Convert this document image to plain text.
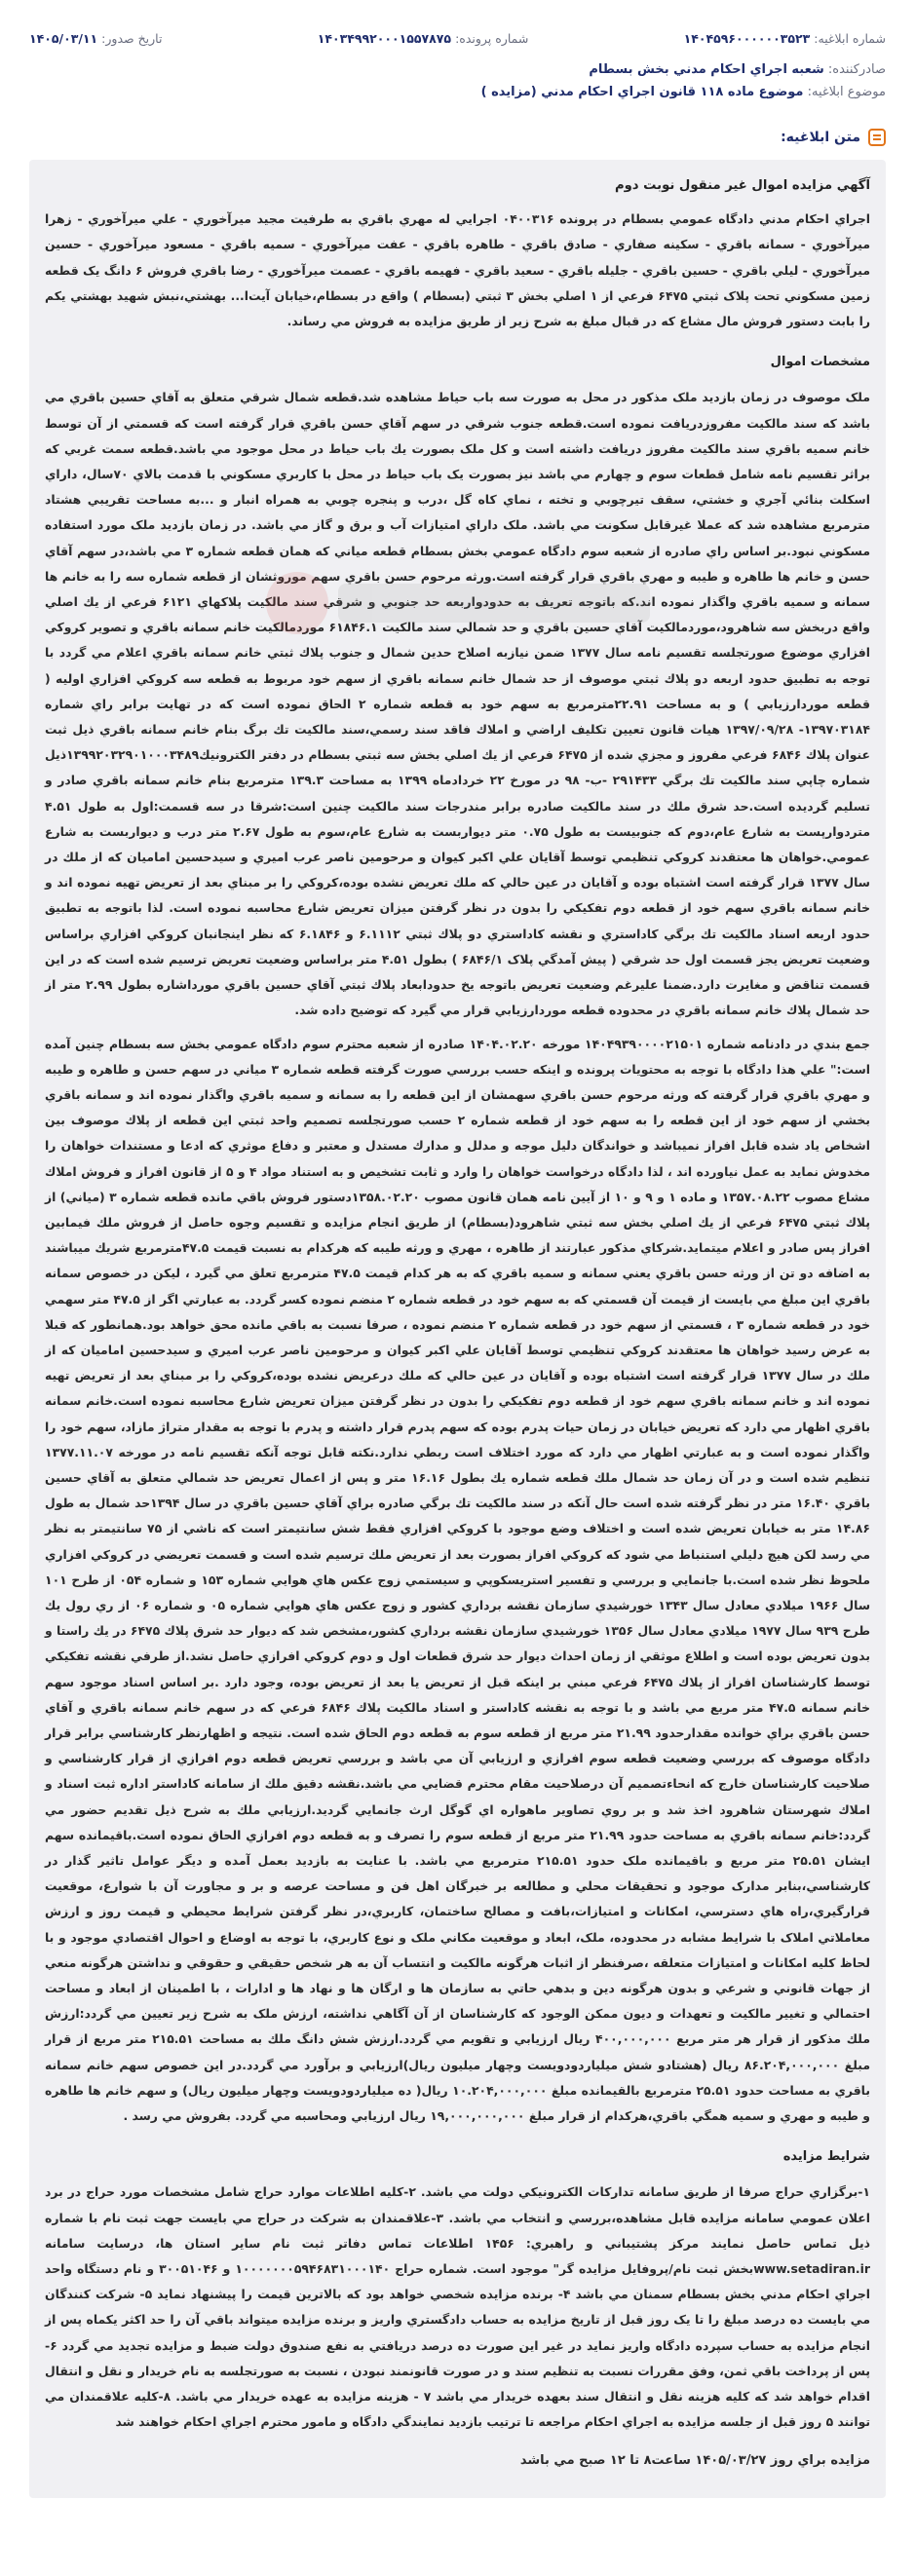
شماره ابلاغيه: ۱۴۰۴۵۹۶۰۰۰۰۰۰۳۵۲۳
شماره پرونده: ۱۴۰۳۴۹۹۲۰۰۰۱۵۵۷۸۷۵
تاريخ صدور: ۱۴۰۵/۰۳/۱۱
صادرکننده: شعبه اجراي احكام مدني بخش بسطام
موضوع ابلاغيه: موضوع ماده ۱۱۸ قانون اجراي احكام مدني (مزايده )
متن ابلاغيه:
آگهي مزايده اموال غير منقول نوبت دوم

اجراي احكام مدني دادگاه عمومي بسطام در پرونده ۰۴۰۰۳۱۶ اجرايي له مهري باقري به طرفيت مجيد ميرآخوري - علي ميرآخوري - زهرا ميرآخوري - سمانه باقري - سكينه صفاري - صادق باقري - طاهره باقري - عفت ميرآخوري - سميه باقري - مسعود ميرآخوري - حسين ميرآخوري - ليلي باقري - حسين باقري - جليله باقري - سعيد باقري - فهيمه باقري - عصمت ميرآخوري - رضا باقري فروش ۶ دانگ يک قطعه زمين مسكوني تحت پلاک ثبتي ۶۴۷۵ فرعي از ۱ اصلي بخش ۳ ثبتي (بسطام ) واقع در بسطام،خيابان آيت‌ا... بهشتي،نبش شهيد بهشتي يكم را بابت دستور فروش مال مشاع كه در قبال مبلغ به شرح زير از طريق مزايده به فروش مي رساند.

مشخصات اموال

ملک موصوف در زمان بازديد ملک مذکور در محل به صورت سه باب حياط مشاهده شد.قطعه شمال شرقي متعلق به آقاي حسين باقري مي باشد که سند مالکيت مفروزدريافت نموده است.قطعه جنوب شرقي در سهم آقاي حسن باقري قرار گرفته است كه قسمتي از آن توسط خانم سميه باقري سند مالكيت مفروز دريافت داشته است و كل ملک بصورت يك باب حياط در محل موجود مي باشد.قطعه سمت غربي كه براثر تقسيم نامه شامل قطعات سوم و چهارم مي باشد نيز بصورت يک باب حياط در محل با کاربري مسکوني با قدمت بالاي ۷۰سال، داراي اسکلت بنائي آجري و خشتي، سقف تيرچوبي و تخته ، نماي کاه گل ،درب و پنجره چوبي به همراه انبار و ...به مساحت تقريبي هشتاد مترمربع مشاهده شد که عملا غيرقابل سکونت مي باشد. ملک داراي امتيازات آب و برق و گاز مي باشد. در زمان بازديد ملک مورد استفاده مسکوني نبود.بر اساس راي صادره از شعبه سوم دادگاه عمومي بخش بسطام قطعه مياني كه همان قطعه شماره ۳ مي باشد،در سهم آقاي حسن و خانم ها طاهره و طيبه و مهري باقري قرار گرفته است.ورثه مرحوم حسن باقري سهم موروثشان از قطعه شماره سه را به خانم ها سمانه و سميه باقري واگذار نموده اند.كه باتوجه تعريف به حدودواربعه حد جنوبي و شرقي سند مالكيت پلاکهاي ۶۱۲۱ فرعي از يك اصلي واقع دربخش سه شاهرود،موردمالكيت آقاي حسين باقري و حد شمالي سند مالكيت ۶۱۸۴۶.۱ موردمالكيت خانم سمانه باقري و تصوير كروکي افزاري موضوع صورتجلسه تقسيم نامه سال ۱۳۷۷ ضمن نيازبه اصلاح حدين شمال و جنوب پلاك ثبتي خانم سمانه باقري اعلام مي گردد با توجه به تطبيق حدود اربعه دو پلاك ثبتي موصوف از حد شمال خانم سمانه باقري از سهم خود مربوط به قطعه سه كروكي افزاري اوليه ( قطعه موردارزيابي ) و به مساحت ۲۲.۹۱مترمربع به سهم خود به قطعه شماره ۲ الحاق نموده است كه در تهايت برابر راي شماره ۱۳۹۷۰۳۱۸۴- ۱۳۹۷/۰۹/۲۸ هيات قانون تعيين تكليف اراضي و املاك فاقد سند رسمي،سند مالكيت تك برگ بنام خانم سمانه باقري ذيل ثبت عنوان پلاك ۶۸۴۶ فرعي مفروز و مجزي شده از ۶۴۷۵ فرعي از يك اصلي بخش سه ثبتي بسطام در دفتر الكترونيك۱۳۹۹۲۰۳۲۹۰۱۰۰۰۳۴۸۹ذيل شماره چاپي سند مالكيت تك برگي ۲۹۱۴۳۳ -ب- ۹۸ در مورخ ۲۲ خردادماه ۱۳۹۹ به مساحت ۱۳۹.۳ مترمربع بنام خانم سمانه باقري صادر و تسليم گرديده است.حد شرق ملك در سند مالكيت صادره برابر مندرجات سند مالكيت چنين است:شرقا در سه قسمت:اول به طول ۴.۵۱ متردوارپست به شارع عام،دوم كه جنوبيست به طول ۰.۷۵ متر ديواربست به شارع عام،سوم به طول ۲.۶۷ متر درب و ديواربست به شارع عمومي.خواهان ها معتقدند كروكي تنظيمي توسط آقايان علي اكبر كيوان و مرحومين ناصر عرب اميري و سيدحسين اماميان كه از ملك در سال ۱۳۷۷ قرار گرفته است اشتباه بوده و آقايان در عين حالي كه ملك تعريض نشده بوده،كروكي را بر مبناي بعد از تعريض تهيه نموده اند و خانم سمانه باقري سهم خود از قطعه دوم تفكيكي را بدون در نظر گرفتن ميزان تعريض شارع محاسبه نموده است. لذا باتوجه به تطبيق حدود اربعه اسناد مالكيت تك برگي كاداستري و نقشه كاداستري دو پلاك ثبتي ۶.۱۱۱۲ و ۶.۱۸۴۶ كه نظر اينجانبان كروكي افزاري براساس وضعيت تعريض يجز قسمت اول حد شرقي ( پيش آمدگي پلاک ۶۸۴۶/۱ ) بطول ۴.۵۱ متر براساس وضعيت تعريض ترسيم شده است كه در اين قسمت تناقض و مغايرت دارد.ضمنا عليرغم وضعيت تعريض باتوجه يخ حدودابعاد پلاك ثبتي آقاي حسين باقري مورداشاره بطول ۲.۹۹ متر از حد شمال پلاك خانم سمانه باقري در محدوده قطعه موردارزيابي قرار مي گيرد که توضيح داده شد.

جمع بندي در دادنامه شماره ۱۴۰۴۹۳۹۰۰۰۰۲۱۵۰۱ مورخه ۱۴۰۴.۰۲.۲۰ صادره از شعبه محترم سوم دادگاه عمومي بخش سه بسطام چنين آمده است:" علي هذا دادگاه با توجه به محتويات پرونده و اينكه حسب بررسي صورت گرفته قطعه شماره ۳ مياني در سهم حسن و طاهره و طيبه و مهري باقري قرار گرفته كه ورثه مرحوم حسن باقري سهمشان از اين قطعه را به سمانه و سميه باقري واگذار نموده اند و سمانه باقري بخشي از سهم خود از اين قطعه را به سهم خود از قطعه شماره ۲ حسب صورتجلسه تصميم واحد ثبتي اين قطعه از پلاك موصوف بين اشخاص ياد شده قابل افراز نميباشد و خواندگان دليل موجه و مدلل و مدارك مستدل و معتبر و دفاع موثري كه ادعا و مستندات خواهان را مخدوش نمايد به عمل نياورده اند ، لذا دادگاه درخواست خواهان را وارد و ثابت تشخيص و به استناد مواد ۴ و ۵ از قانون افراز و فروش املاك مشاع مصوب ۱۳۵۷.۰۸.۲۲ و ماده ۱ و ۹ و ۱۰ از آيين نامه همان قانون مصوب ۱۳۵۸.۰۲.۲۰دستور فروش باقي مانده قطعه شماره ۳ (مياني) از پلاك ثبتي ۶۴۷۵ فرعي از يك اصلي بخش سه ثبتي شاهرود(بسطام) از طريق انجام مزايده و تقسيم وجوه حاصل از فروش ملك فيمابين افراز پس صادر و اعلام ميتمايد.شركاي مذكور عبارتند از طاهره ، مهري و ورثه طيبه كه هركدام به نسبت قيمت ۴۷.۵مترمربع شريك ميباشند به اضافه دو تن از ورثه حسن باقري يعني سمانه و سميه باقري كه به هر كدام قيمت ۴۷.۵ مترمربع تعلق مي گيرد ، ليكن در خصوص سمانه باقري اين مبلغ مي بايست از قيمت آن قسمتي كه به سهم خود در قطعه شماره ۲ منضم نموده كسر گردد. به عبارتي اگر از ۴۷.۵ متر سهمي خود در قطعه شماره ۳ ، قسمتي از سهم خود در قطعه شماره ۲ منضم نموده ، صرفا نسبت به باقي مانده محق خواهد بود.همانطور كه قبلا به عرض رسيد خواهان ها معتقدند كروكي تنظيمي توسط آقايان علي اكبر كيوان و مرحومين ناصر عرب اميري و سيدحسين اماميان كه از ملك در سال ۱۳۷۷ قرار گرفته است اشتباه بوده و آقايان در عين حالي كه ملك درعريض نشده بوده،كروكي را بر مبناي بعد از تعريض تهيه نموده اند و خانم سمانه باقري سهم خود از قطعه دوم تفكيكي را بدون در نظر گرفتن ميزان تعريض شارع محاسبه نموده است.خانم سمانه باقري اظهار مي دارد كه تعريض خيابان در زمان حيات پدرم بوده كه سهم پدرم قرار داشته و پدرم با توجه به مقدار متراژ مازاد، سهم خود را واگذار نموده است و به عبارتي اظهار مي دارد كه مورد اختلاف است ربطي ندارد.نكته قابل توجه آنكه تقسيم نامه در مورخه ۱۳۷۷.۱۱.۰۷ تنظيم شده است و در آن زمان حد شمال ملك قطعه شماره يك بطول ۱۶.۱۶ متر و پس از اعمال تعريض حد شمالي متعلق به آقاي حسين باقري ۱۶.۴۰ متر در نظر گرفته شده است حال آنكه در سند مالكيت تك برگي صادره براي آقاي حسين باقري در سال ۱۳۹۴حد شمال به طول ۱۴.۸۶ متر به خيابان تعريض شده است و اختلاف وضع موجود با كروكي افزاري فقط شش سانتيمتر است كه ناشي از ۷۵ سانتيمتر به نظر مي رسد لكن هيچ دليلي استنباط مي شود كه كروكي افراز بصورت بعد از تعريض ملك ترسيم شده است و قسمت تعريضي در كروكي افزاري ملحوظ نظر شده است.با جانمايي و بررسي و تفسير استريسكوپي و سيستمي زوج عكس هاي هوايي شماره ۱۵۳ و شماره ۰۵۴ از طرح ۱۰۱ سال ۱۹۶۶ ميلادي معادل سال ۱۳۴۳ خورشيدي سازمان نقشه برداري كشور و زوج عكس هاي هوايي شماره ۰۵ و شماره ۰۶ از ري رول يك طرح ۹۳۹ سال ۱۹۷۷ ميلادي معادل سال ۱۳۵۶ خورشيدي سازمان نقشه برداري كشور،مشخص شد كه ديوار حد شرق پلاك ۶۴۷۵ در يك راستا و بدون تعريض بوده است و اطلاع موثقي از زمان احداث ديوار حد شرق قطعات اول و دوم كروكي افرازي حاصل نشد.از طرفي نقشه تفكيكي توسط كارشناسان افراز از پلاك ۶۴۷۵ فرعي مبني بر اينكه قبل از تعريض يا بعد از تعريض بوده، وجود دارد .بر اساس اسناد موجود سهم خانم سمانه ۴۷.۵ متر مربع مي باشد و با توجه به نقشه كاداستر و اسناد مالكيت پلاك ۶۸۴۶ فرعي كه در سهم خانم سمانه باقري و آقاي حسن باقري براي خوانده مقدارحدود ۲۱.۹۹ متر مربع از قطعه سوم به قطعه دوم الحاق شده است. نتيجه و اظهارنظر كارشناسي برابر قرار دادگاه موصوف كه بررسي وضعيت قطعه سوم افرازي و ارزيابي آن مي باشد و بررسي تعريض قطعه دوم افرازي از قرار كارشناسي و صلاحيت كارشناسان خارج كه انحاءتصميم آن درصلاحيت مقام محترم قضايي مي باشد.نقشه دقيق ملك از سامانه كاداستر اداره ثبت اسناد و املاك شهرستان شاهرود اخذ شد و بر روي تصاوير ماهواره اي گوگل ارث جانمايي گرديد.ارزيابي ملك به شرح ذيل تقديم حضور مي گردد:خانم سمانه باقري به مساحت حدود ۲۱.۹۹ متر مربع از قطعه سوم را تصرف و به قطعه دوم افرازي الحاق نموده است.باقيمانده سهم ايشان ۲۵.۵۱ متر مربع و باقيمانده ملک حدود ۲۱۵.۵۱ مترمربع مي باشد. با عنايت به بازديد بعمل آمده و ديگر عوامل تاثير گذار در كارشناسي،بنابر مدارک موجود و تحقيقات محلي و مطالعه بر خبرگان اهل فن و مساحت عرصه و بر و مجاورت آن با شوارع، موقعيت قرارگيري،راه هاي دسترسي، امكانات و امتيازات،بافت و مصالح ساختمان، کاربري،در نظر گرفتن شرايط محيطي و قيمت روز و ارزش معاملاتي املاک با شرايط مشابه در محدوده، ملک، ابعاد و موقعيت مکاني ملک و نوع کاربري، با توجه به اوضاع و احوال اقتصادي موجود و با لحاظ كليه امكانات و امتيازات متعلقه ،صرفنظر از اثبات هرگونه مالكيت و انتساب آن به هر شخص حقيقي و حقوقي و نداشتن هرگونه منعي از جهات قانوني و شرعي و بدون هرگونه دين و بدهي حاتي به سازمان ها و ارگان ها و نهاد ها و ادارات ، با اطمينان از ابعاد و مساحت احتمالي و تغيير مالكيت و تعهدات و ديون ممكن الوجود كه كارشناسان از آن آگاهي نداشته، ارزش ملک به شرح زير تعيين مي گردد:ارزش ملك مذكور از قرار هر متر مربع ۴۰۰,۰۰۰,۰۰۰ ريال ارزيابي و تقويم مي گردد.ارزش شش دانگ ملك به مساحت ۲۱۵.۵۱ متر مربع از قرار مبلغ ۸۶.۲۰۴,۰۰۰,۰۰۰ ريال (هشتادو شش ميلياردودويست وچهار ميليون ريال)ارزيابي و برآورد مي گردد.در اين خصوص سهم خانم سمانه باقري به مساحت حدود ۲۵.۵۱ مترمربع بالقيمانده مبلغ ۱۰.۲۰۴,۰۰۰,۰۰۰ ريال( ده ميلياردودويست وچهار ميليون ريال) و سهم خانم ها طاهره و طيبه و مهري و سميه همگي باقري،هركدام از قرار مبلغ ۱۹,۰۰۰,۰۰۰,۰۰۰ ريال ارزيابي ومحاسبه مي گردد. بفروش مي رسد .

شرايط مزايده

۱-برگزاري حراج صرفا از طريق سامانه تدارکات الکترونيکي دولت مي باشد. ۲-کليه اطلاعات موارد حراج شامل مشخصات مورد حراج در برد اعلان عمومي سامانه مزايده قابل مشاهده،بررسي و انتخاب مي باشد. ۳-علاقمندان به شرکت در حراج مي بايست جهت ثبت نام با شماره ذيل تماس حاصل نمايند مرکز پشتيباني و راهبري: ۱۴۵۶ اطلاعات تماس دفاتر ثبت نام ساير استان ها، درسايت سامانه www.setadiran.irبخش ثبت نام/پروفايل مزايده گر" موجود است. شماره حراج ۱۰۰۰۰۰۰۰۵۹۴۶۸۳۱۰۰۰۱۴۰ و ۳۰۰۵۱۰۴۶ و نام دستگاه واحد اجراي احكام مدني بخش بسطام سمنان مي باشد ۴- برنده مزايده شخصي خواهد بود كه بالاترين قيمت را پيشنهاد نمايد ۵- شركت كنندگان مي بايست ده درصد مبلغ را تا يک روز قبل از تاريخ مزايده به حساب دادگستري واريز و برنده مزايده ميتواند باقي آن را حد اكثر يكماه پس از انجام مزايده به حساب سپرده دادگاه واريز نمايد در غير اين صورت ده درصد دريافتي به نفع صندوق دولت ضبط و مزايده تجديد مي گردد ۶- پس از پرداخت باقي ثمن، وفق مقررات نسبت به تنظيم سند و در صورت قانونمند نبودن ، نسبت به صورتجلسه به نام خريدار و نقل و انتقال اقدام خواهد شد كه كليه هزينه نقل و انتقال سند بعهده خريدار مي باشد ۷ - هزينه مزايده به عهده خريدار مي باشد. ۸-کليه علاقمندان مي توانند ۵ روز قبل از جلسه مزايده به اجراي احكام مراجعه تا ترتيب بازديد نمايندگي دادگاه و مامور محترم اجراي احکام خواهند شد

مزايده براي روز ۱۴۰۵/۰۳/۲۷ ساعت۸ تا ۱۲ صبح مي باشد
